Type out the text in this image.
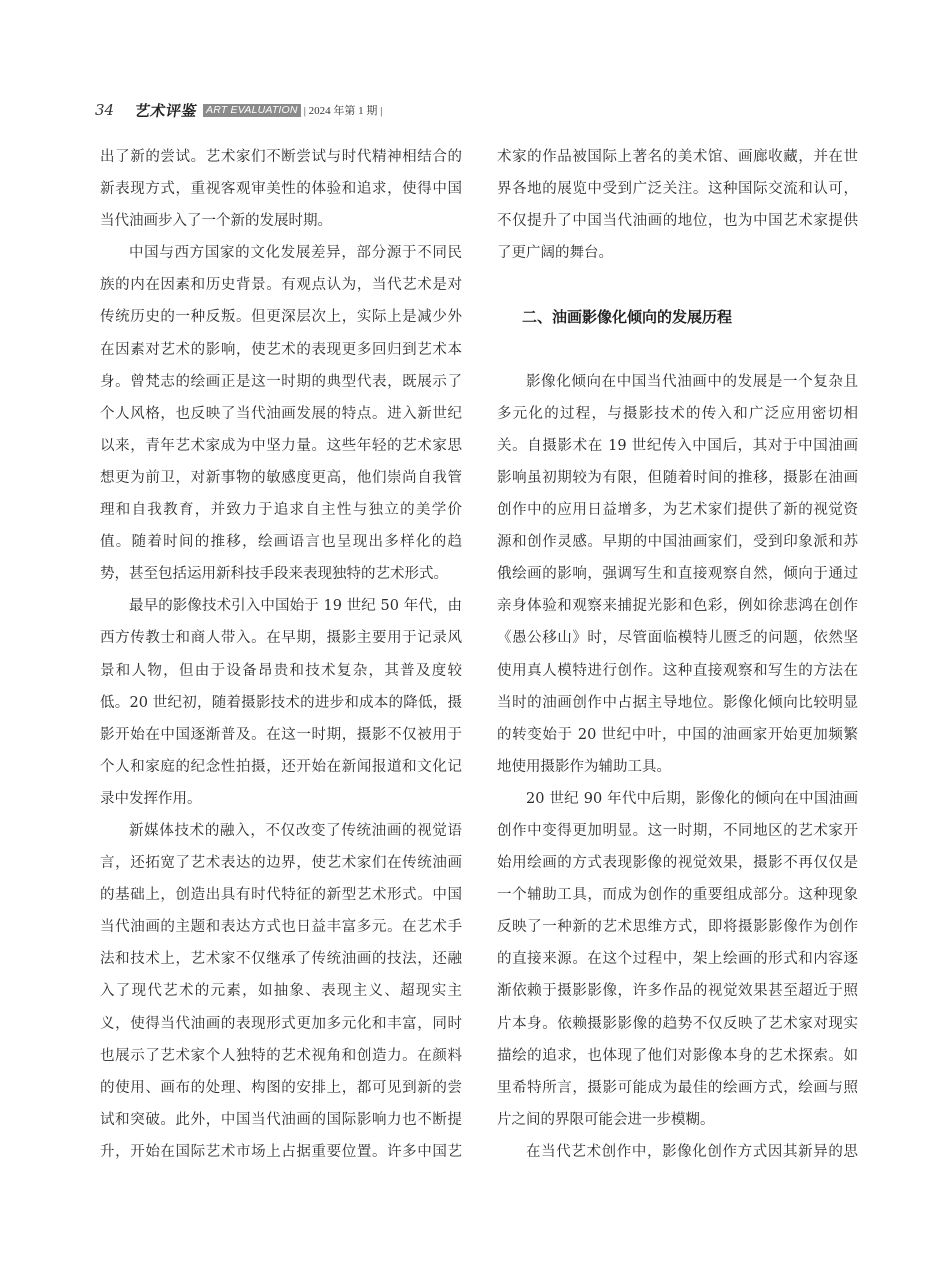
34	艺术评鉴 ART EVALUATION | 2024 年第 1 期 |
出了新的尝试。艺术家们不断尝试与时代精神相结合的
新表现方式，重视客观审美性的体验和追求，使得中国
当代油画步入了一个新的发展时期。
中国与西方国家的文化发展差异，部分源于不同民
族的内在因素和历史背景。有观点认为，当代艺术是对
传统历史的一种反叛。但更深层次上，实际上是减少外
在因素对艺术的影响，使艺术的表现更多回归到艺术本
身。曾梵志的绘画正是这一时期的典型代表，既展示了
个人风格，也反映了当代油画发展的特点。进入新世纪
以来，青年艺术家成为中坚力量。这些年轻的艺术家思
想更为前卫，对新事物的敏感度更高，他们崇尚自我管
理和自我教育，并致力于追求自主性与独立的美学价
值。随着时间的推移，绘画语言也呈现出多样化的趋
势，甚至包括运用新科技手段来表现独特的艺术形式。
最早的影像技术引入中国始于 19 世纪 50 年代，由
西方传教士和商人带入。在早期，摄影主要用于记录风
景和人物，但由于设备昂贵和技术复杂，其普及度较
低。20 世纪初，随着摄影技术的进步和成本的降低，摄
影开始在中国逐渐普及。在这一时期，摄影不仅被用于
个人和家庭的纪念性拍摄，还开始在新闻报道和文化记
录中发挥作用。
新媒体技术的融入，不仅改变了传统油画的视觉语
言，还拓宽了艺术表达的边界，使艺术家们在传统油画
的基础上，创造出具有时代特征的新型艺术形式。中国
当代油画的主题和表达方式也日益丰富多元。在艺术手
法和技术上，艺术家不仅继承了传统油画的技法，还融
入了现代艺术的元素，如抽象、表现主义、超现实主
义，使得当代油画的表现形式更加多元化和丰富，同时
也展示了艺术家个人独特的艺术视角和创造力。在颜料
的使用、画布的处理、构图的安排上，都可见到新的尝
试和突破。此外，中国当代油画的国际影响力也不断提
升，开始在国际艺术市场上占据重要位置。许多中国艺
术家的作品被国际上著名的美术馆、画廊收藏，并在世
界各地的展览中受到广泛关注。这种国际交流和认可，
不仅提升了中国当代油画的地位，也为中国艺术家提供
了更广阔的舞台。
二、油画影像化倾向的发展历程
影像化倾向在中国当代油画中的发展是一个复杂且
多元化的过程，与摄影技术的传入和广泛应用密切相
关。自摄影术在 19 世纪传入中国后，其对于中国油画
影响虽初期较为有限，但随着时间的推移，摄影在油画
创作中的应用日益增多，为艺术家们提供了新的视觉资
源和创作灵感。早期的中国油画家们，受到印象派和苏
俄绘画的影响，强调写生和直接观察自然，倾向于通过
亲身体验和观察来捕捉光影和色彩，例如徐悲鸿在创作
《愚公移山》时，尽管面临模特儿匮乏的问题，依然坚
使用真人模特进行创作。这种直接观察和写生的方法在
当时的油画创作中占据主导地位。影像化倾向比较明显
的转变始于 20 世纪中叶，中国的油画家开始更加频繁
地使用摄影作为辅助工具。
20 世纪 90 年代中后期，影像化的倾向在中国油画
创作中变得更加明显。这一时期，不同地区的艺术家开
始用绘画的方式表现影像的视觉效果，摄影不再仅仅是
一个辅助工具，而成为创作的重要组成部分。这种现象
反映了一种新的艺术思维方式，即将摄影影像作为创作
的直接来源。在这个过程中，架上绘画的形式和内容逐
渐依赖于摄影影像，许多作品的视觉效果甚至超近于照
片本身。依赖摄影影像的趋势不仅反映了艺术家对现实
描绘的追求，也体现了他们对影像本身的艺术探索。如
里希特所言，摄影可能成为最佳的绘画方式，绘画与照
片之间的界限可能会进一步模糊。
在当代艺术创作中，影像化创作方式因其新异的思
